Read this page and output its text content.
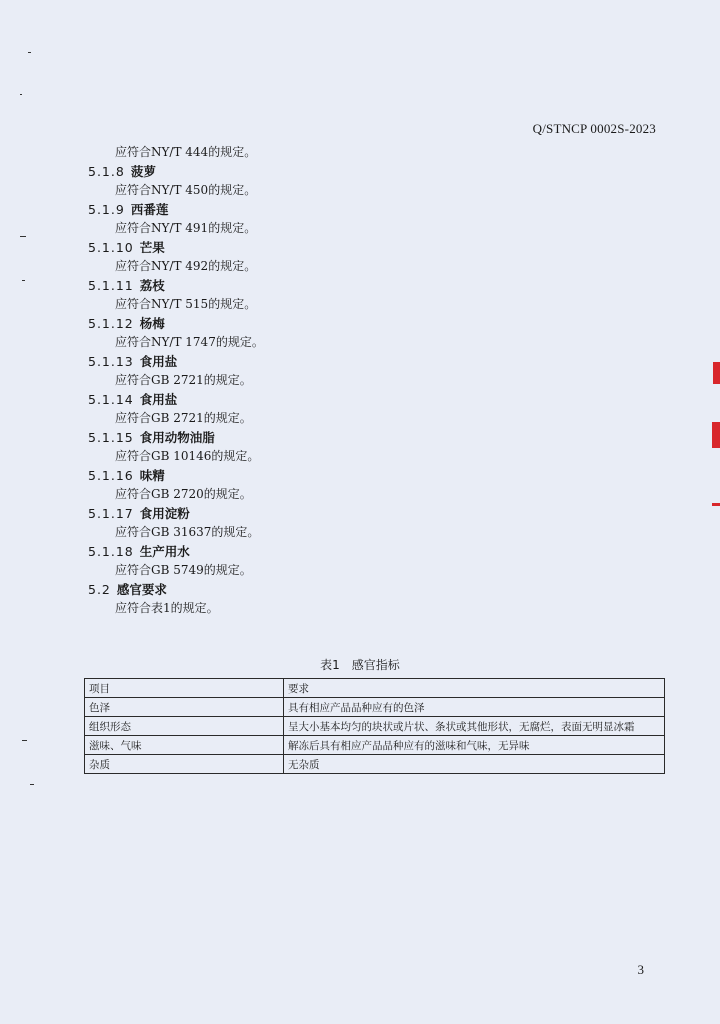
Q/STNCP 0002S-2023
应符合NY/T 444的规定。
5.1.8 菠萝
应符合NY/T 450的规定。
5.1.9 西番莲
应符合NY/T 491的规定。
5.1.10 芒果
应符合NY/T 492的规定。
5.1.11 荔枝
应符合NY/T 515的规定。
5.1.12 杨梅
应符合NY/T 1747的规定。
5.1.13 食用盐
应符合GB 2721的规定。
5.1.14 食用盐
应符合GB 2721的规定。
5.1.15 食用动物油脂
应符合GB 10146的规定。
5.1.16 味精
应符合GB 2720的规定。
5.1.17 食用淀粉
应符合GB 31637的规定。
5.1.18 生产用水
应符合GB 5749的规定。
5.2 感官要求
应符合表1的规定。
表1　感官指标
项目	要求
色泽	具有相应产品品种应有的色泽
组织形态	呈大小基本均匀的块状或片状、条状或其他形状，无腐烂，表面无明显冰霜
滋味、气味	解冻后具有相应产品品种应有的滋味和气味，无异味
杂质	无杂质
3
